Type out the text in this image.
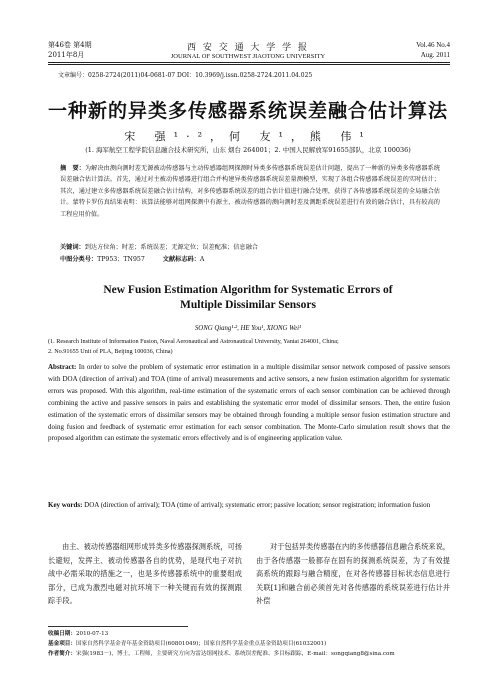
第46卷 第4期
2011年8月
西 安 交 通 大 学 学 报
JOURNAL OF SOUTHWEST JIAOTONG UNIVERSITY
Vol.46 No.4
Aug. 2011
文章编号：0258-2724(2011)04-0681-07 DOI：10.3969/j.issn.0258-2724.2011.04.025
一种新的异类多传感器系统误差融合估计算法
宋 强¹·²，何 友¹，熊 伟¹
(1. 海军航空工程学院信息融合技术研究所，山东 烟台 264001；2. 中国人民解放军91655部队，北京 100036)
摘　要：为解决由测向测时差无源被动传感器与主动传感器组网探测时异类多传感器系统误差估计问题，提出了一种新的异类多传感器系统误差融合估计算法。首先，通过对主被动传感器进行组合并构建异类传感器系统误差量测模型，实现了各组合传感器系统误差的实时估计；其次，通过建立多传感器系统误差融合估计结构，对多传感器系统误差的组合估计值进行融合处理，获得了各传感器系统误差的全局融合估计。蒙特卡罗仿真结果表明：该算法能够对组网探测中有源主、被动传感器的测向测时差及测距系统误差进行有效的融合估计，具有较高的工程应用价值。
关键词：到达方位角；时差；系统误差；无源定位；误差配准；信息融合
中图分类号：TP953；TN957	文献标志码：A
New Fusion Estimation Algorithm for Systematic Errors of
Multiple Dissimilar Sensors
SONG Qiang¹·², HE You¹, XIONG Wei¹
(1. Research Institute of Information Fusion, Naval Aeronautical and Astronautical University, Yantai 264001, China;
2. No.91655 Unit of PLA, Beijing 100036, China)
Abstract: In order to solve the problem of systematic error estimation in a multiple dissimilar sensor network composed of passive sensors with DOA (direction of arrival) and TOA (time of arrival) measurements and active sensors, a new fusion estimation algorithm for systematic errors was proposed. With this algorithm, real-time estimation of the systematic errors of each sensor combination can be achieved through combining the active and passive sensors in pairs and establishing the systematic error model of dissimilar sensors. Then, the entire fusion estimation of the systematic errors of dissimilar sensors may be obtained through founding a multiple sensor fusion estimation structure and doing fusion and feedback of systematic error estimation for each sensor combination. The Monte-Carlo simulation result shows that the proposed algorithm can estimate the systematic errors effectively and is of engineering application value.
Key words: DOA (direction of arrival); TOA (time of arrival); systematic error; passive location; sensor registration; information fusion
由主、被动传感器组网形成异类多传感器探测系统，可扬长避短，发挥主、被动传感器各自的优势，是现代电子对抗战中必需采取的措施之一，也是多传感器系统中的重要组成部分，已成为激烈电磁对抗环境下一种关键而有效的探测跟踪手段。
对于包括异类传感器在内的多传感器信息融合系统来说，由于各传感器一般都存在固有的探测系统误差，为了有效提高系统的跟踪与融合精度，在对各传感器目标状态信息进行关联[1]和融合前必须首先对各传感器的系统误差进行估计并补偿
收稿日期：2010-07-13
基金项目：国家自然科学基金青年基金资助项目(60801049)；国家自然科学基金重点基金资助项目(61032001)
作者简介：宋强(1983－)，博士，工程师，主要研究方向为雷达组网技术、系统误差配准、多目标跟踪，E-mail：songqiang8@sina.com
